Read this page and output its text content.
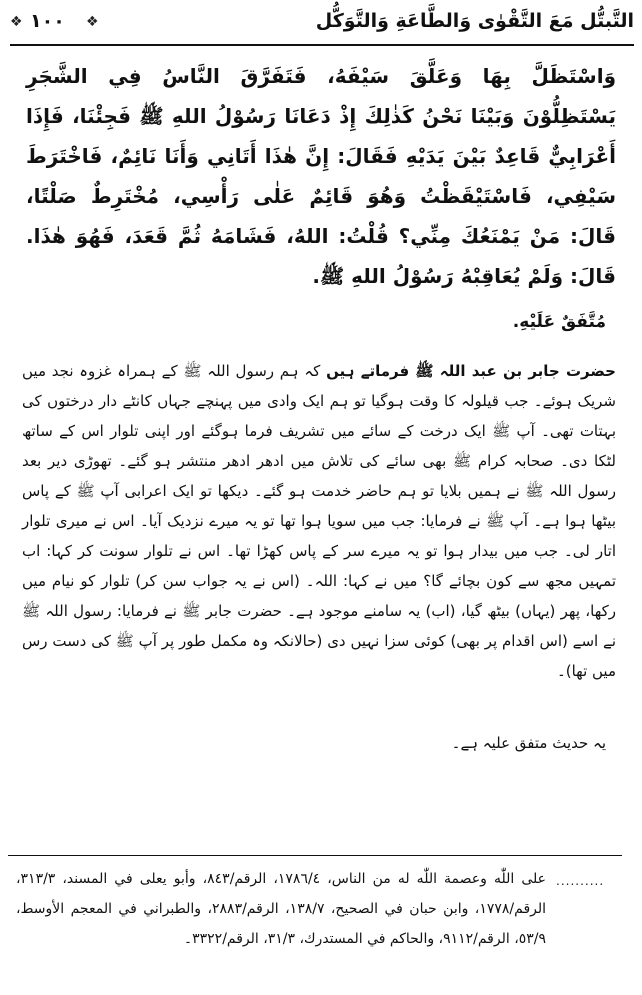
❖ ١٠٠ ❖	التَّبتُّل مَعَ التَّقْوٰى وَالطَّاعَةِ وَالتَّوَكُّل

وَاسْتَظَلَّ بِهَا وَعَلَّقَ سَيْفَهُ، فَتَفَرَّقَ النَّاسُ فِي الشَّجَرِ يَسْتَظِلُّوْنَ وَبَيْنَا نَحْنُ كَذٰلِكَ إِذْ دَعَانَا رَسُوْلُ اللهِ ﷺ فَجِئْنَا، فَإِذَا أَعْرَابِيٌّ قَاعِدٌ بَيْنَ يَدَيْهِ فَقَالَ: إِنَّ هٰذَا أَتَانِي وَأَنَا نَائِمٌ، فَاخْتَرَطَ سَيْفِي، فَاسْتَيْقَظْتُ وَهُوَ قَائِمٌ عَلٰى رَأْسِي، مُخْتَرِطٌ صَلْتًا، قَالَ: مَنْ يَمْنَعُكَ مِنِّي؟ قُلْتُ: اللهُ، فَشَامَهُ ثُمَّ قَعَدَ، فَهُوَ هٰذَا. قَالَ: وَلَمْ يُعَاقِبْهُ رَسُوْلُ اللهِ ﷺ.

مُتَّفَقٌ عَلَيْهِ.

حضرت جابر بن عبد اللہ ﷺ فرماتے ہیں کہ ہم رسول اللہ ﷺ کے ہمراہ غزوہ نجد میں شریک ہوئے۔ جب قیلولہ کا وقت ہوگیا تو ہم ایک وادی میں پہنچے جہاں کانٹے دار درختوں کی بہتات تھی۔ آپ ﷺ ایک درخت کے سائے میں تشریف فرما ہوگئے اور اپنی تلوار اس کے ساتھ لٹکا دی۔ صحابہ کرام ﷺ بھی سائے کی تلاش میں ادھر ادھر منتشر ہو گئے۔ تھوڑی دیر بعد رسول اللہ ﷺ نے ہمیں بلایا تو ہم حاضر خدمت ہو گئے۔ دیکھا تو ایک اعرابی آپ ﷺ کے پاس بیٹھا ہوا ہے۔ آپ ﷺ نے فرمایا: جب میں سویا ہوا تھا تو یہ میرے نزدیک آیا۔ اس نے میری تلوار اتار لی۔ جب میں بیدار ہوا تو یہ میرے سر کے پاس کھڑا تھا۔ اس نے تلوار سونت کر کہا: اب تمہیں مجھ سے کون بچائے گا؟ میں نے کہا: اللہ۔ (اس نے یہ جواب سن کر) تلوار کو نیام میں رکھا، پھر (یہاں) بیٹھ گیا، (اب) یہ سامنے موجود ہے۔ حضرت جابر ﷺ نے فرمایا: رسول اللہ ﷺ نے اسے (اس اقدام پر بھی) کوئی سزا نہیں دی (حالانکہ وہ مکمل طور پر آپ ﷺ کی دست رس میں تھا)۔

یہ حدیث متفق علیہ ہے۔

..........

على اللّٰه وعصمة اللّٰه له من الناس، ١٧٨٦/٤، الرقم/٨٤٣، وأبو يعلى في المسند، ٣١٣/٣، الرقم/١٧٧٨، وابن حبان في الصحيح، ١٣٨/٧، الرقم/٢٨٨٣، والطبراني في المعجم الأوسط، ٥٣/٩، الرقم/٩١١٢، والحاكم في المستدرك، ٣١/٣، الرقم/٣٣٢٢۔
